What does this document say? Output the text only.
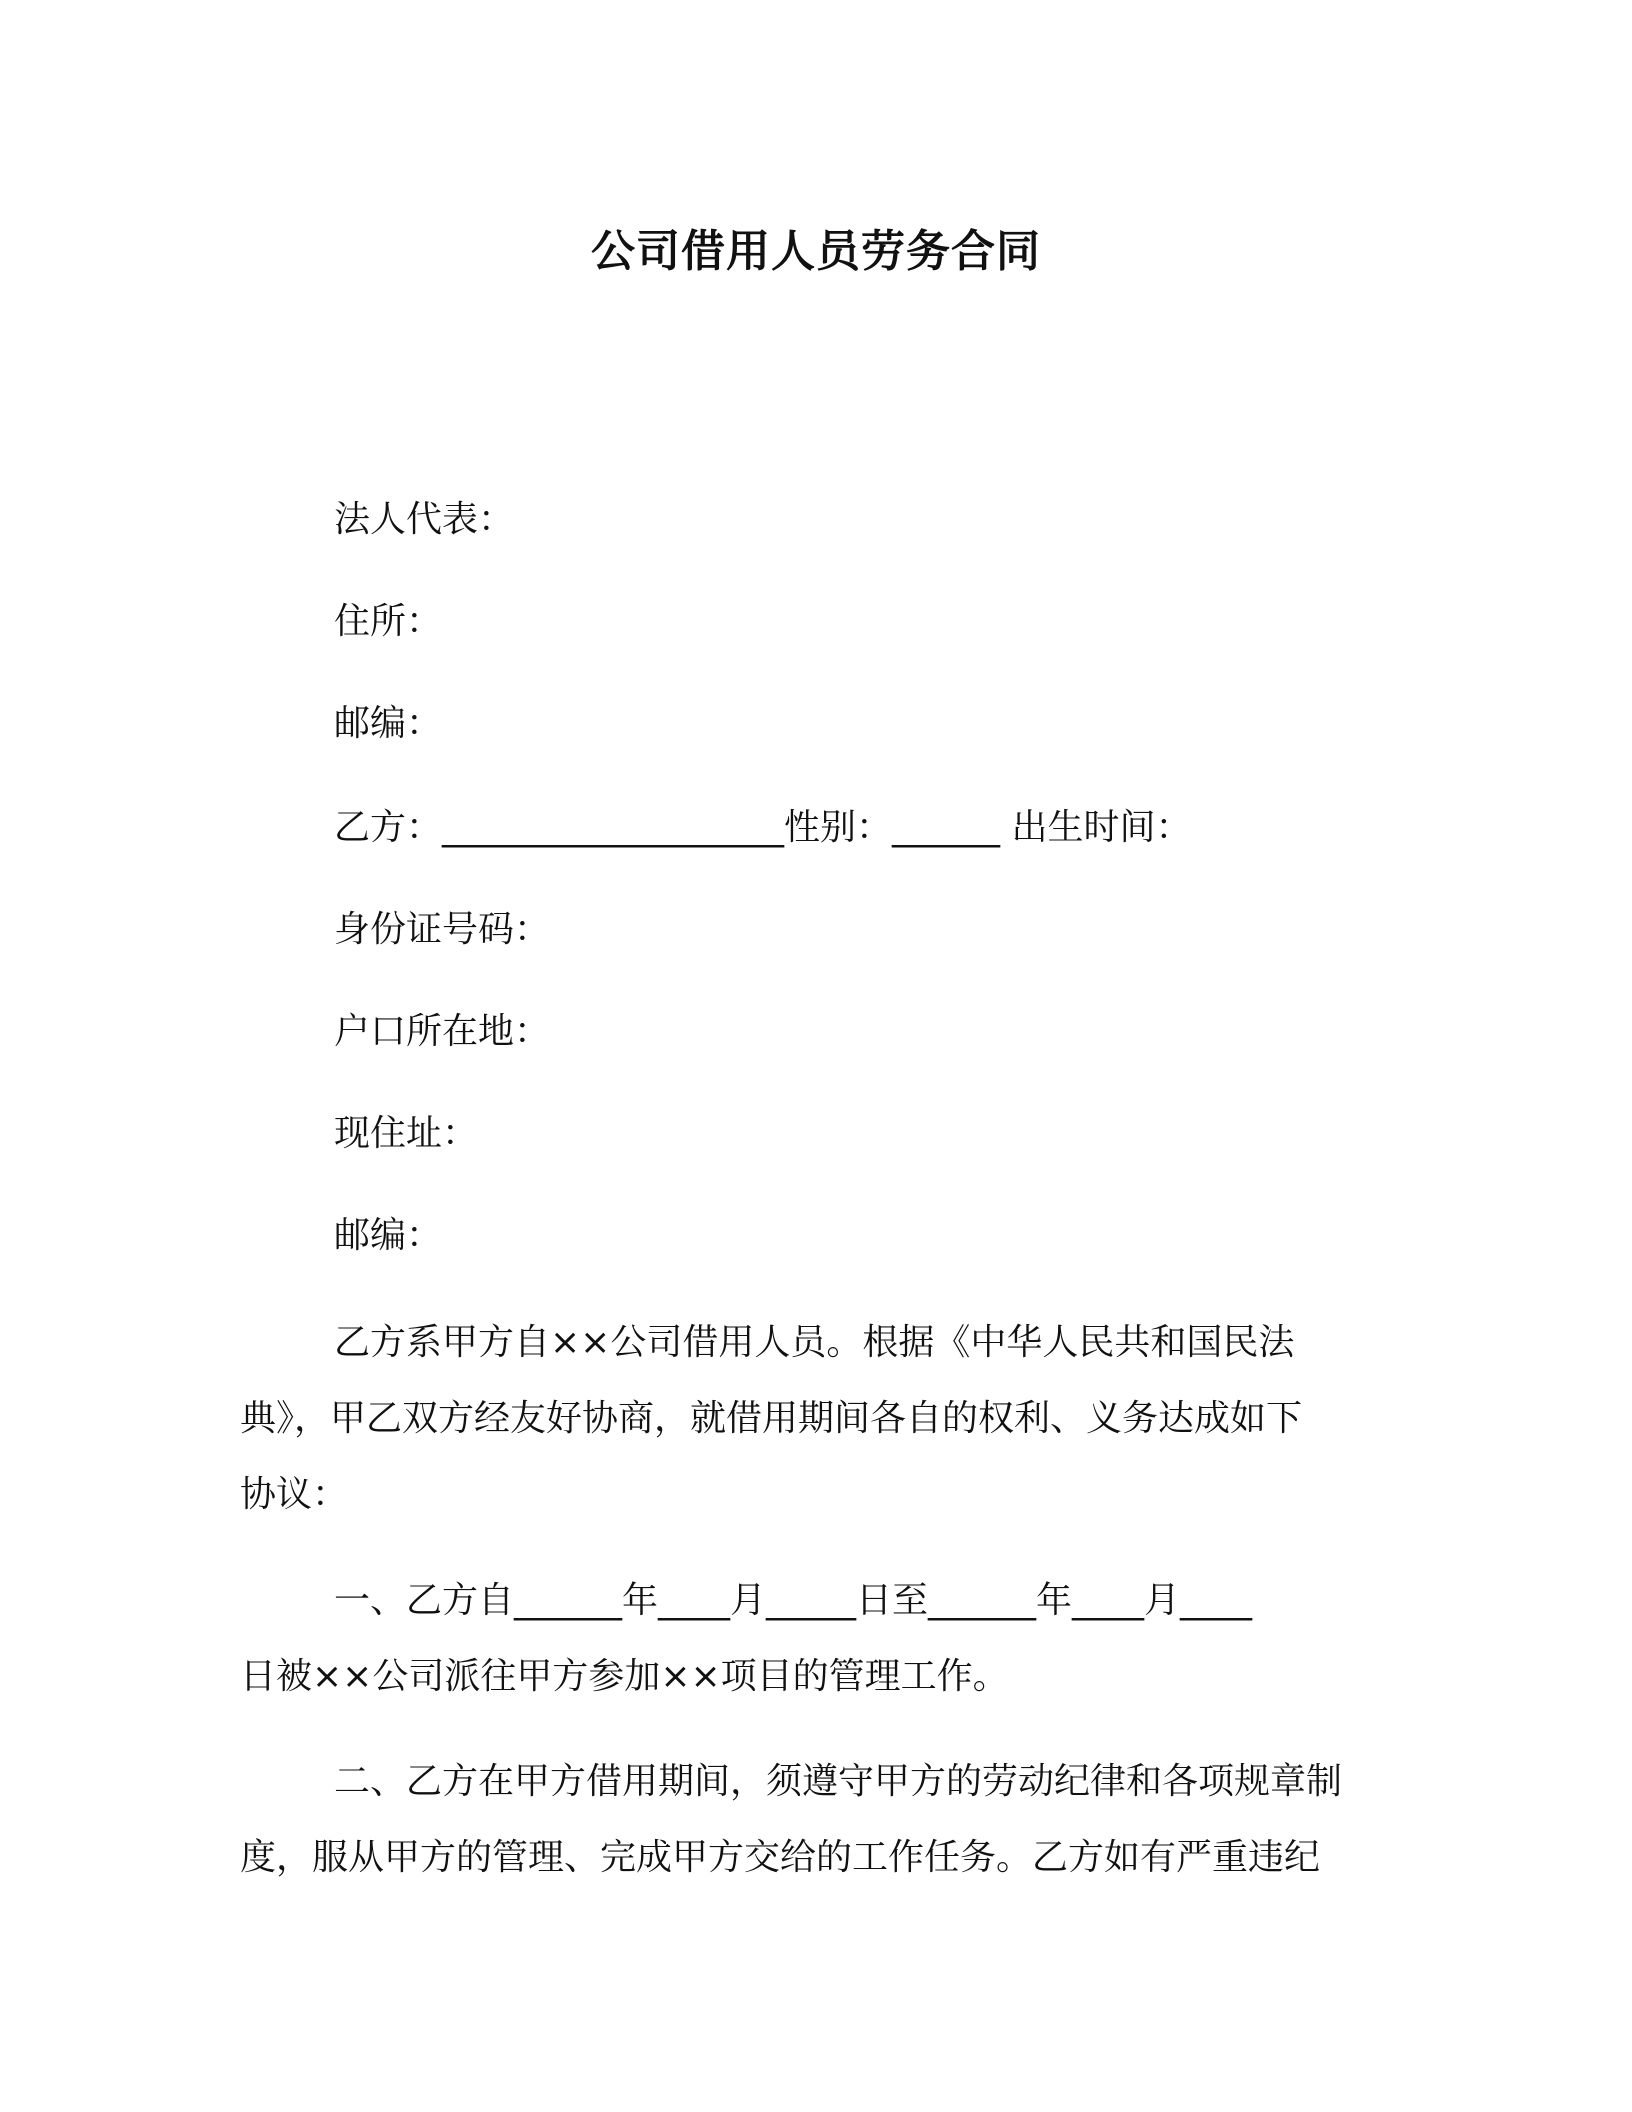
公司借用人员劳务合同
法人代表：
住所：
邮编：
乙方：___________________性别：______ 出生时间：
身份证号码：
户口所在地：
现住址：
邮编：
乙方系甲方自××公司借用人员。根据《中华人民共和国民法
典》，甲乙双方经友好协商，就借用期间各自的权利、义务达成如下
协议：
一、乙方自______年____月_____日至______年____月____
日被××公司派往甲方参加××项目的管理工作。
二、乙方在甲方借用期间，须遵守甲方的劳动纪律和各项规章制
度，服从甲方的管理、完成甲方交给的工作任务。乙方如有严重违纪
